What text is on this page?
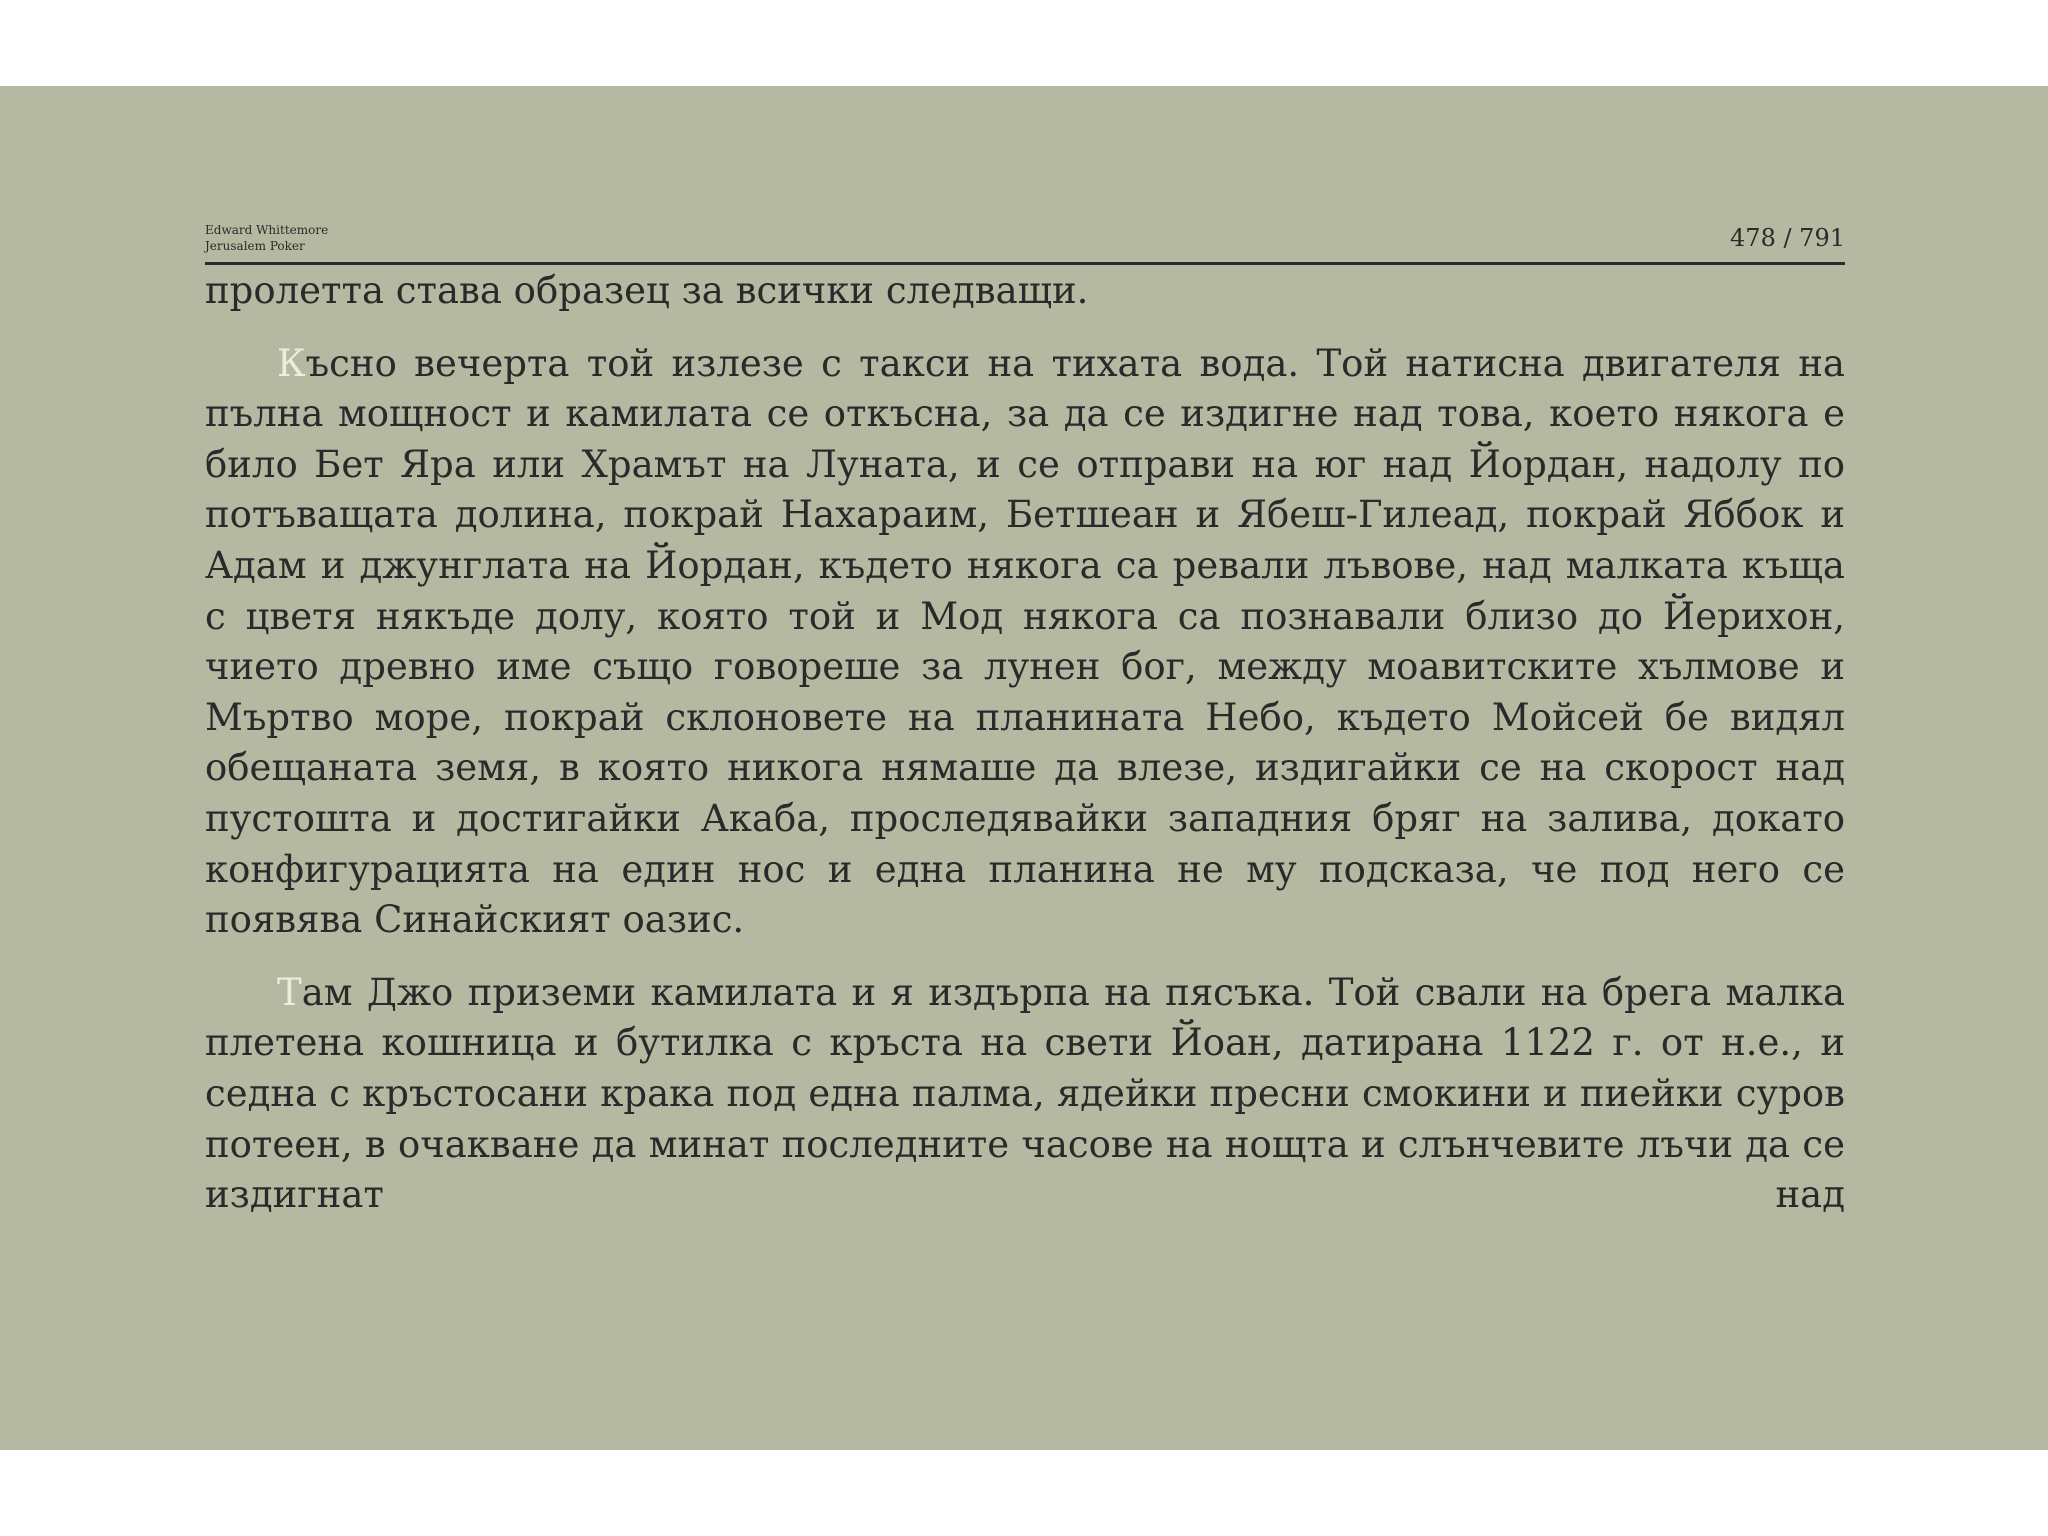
Edward Whittemore
Jerusalem Poker	478 / 791

пролетта става образец за всички следващи.

Късно вечерта той излезе с такси на тихата вода. Той натисна двигателя на пълна мощност и камилата се откъсна, за да се издигне над това, което някога е било Бет Яра или Храмът на Луната, и се отправи на юг над Йордан, надолу по потъващата долина, покрай Нахараим, Бетшеан и Ябеш-Гилеад, покрай Яббок и Адам и джунглата на Йордан, където някога са ревали лъвове, над малката къща с цветя някъде долу, която той и Мод някога са познавали близо до Йерихон, чието древно име също говореше за лунен бог, между моавитските хълмове и Мъртво море, покрай склоновете на планината Небо, където Мойсей бе видял обещаната земя, в която никога нямаше да влезе, издигайки се на скорост над пустошта и достигайки Акаба, проследявайки западния бряг на залива, докато конфигурацията на един нос и една планина не му подсказа, че под него се появява Синайският оазис.

Там Джо приземи камилата и я издърпа на пясъка. Той свали на брега малка плетена кошница и бутилка с кръста на свети Йоан, датирана 1122 г. от н.е., и седна с кръстосани крака под една палма, ядейки пресни смокини и пиейки суров потеен, в очакване да минат последните часове на нощта и слънчевите лъчи да се издигнат над
